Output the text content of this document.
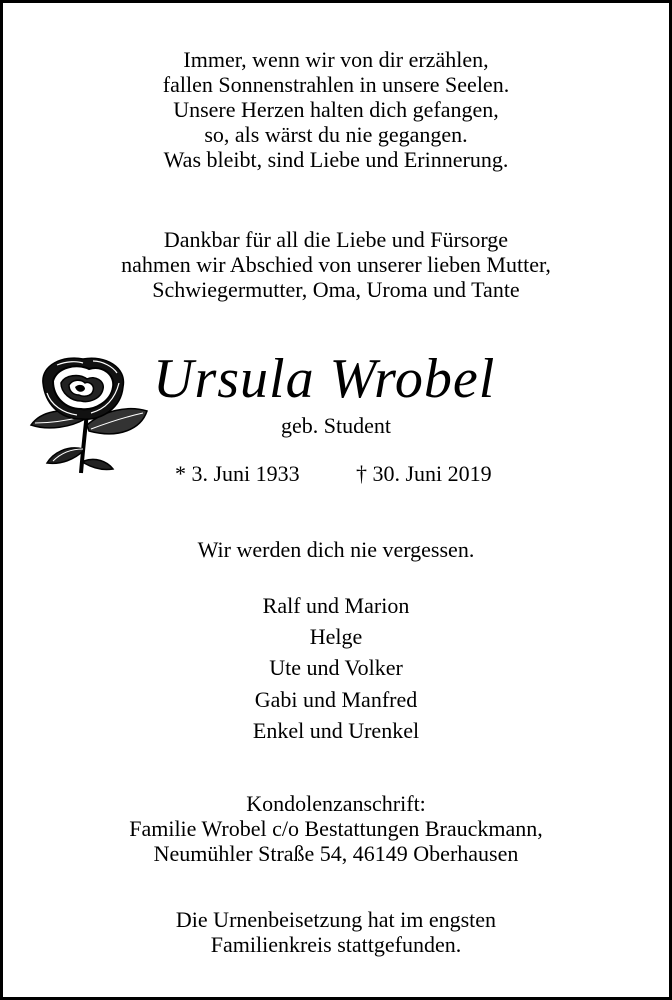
Immer, wenn wir von dir erzählen,
fallen Sonnenstrahlen in unsere Seelen.
Unsere Herzen halten dich gefangen,
so, als wärst du nie gegangen.
Was bleibt, sind Liebe und Erinnerung.
Dankbar für all die Liebe und Fürsorge
nahmen wir Abschied von unserer lieben Mutter,
Schwiegermutter, Oma, Uroma und Tante
Ursula Wrobel
geb. Student
* 3. Juni 1933	† 30. Juni 2019
Wir werden dich nie vergessen.
Ralf und Marion
Helge
Ute und Volker
Gabi und Manfred
Enkel und Urenkel
Kondolenzanschrift:
Familie Wrobel c/o Bestattungen Brauckmann,
Neumühler Straße 54, 46149 Oberhausen
Die Urnenbeisetzung hat im engsten
Familienkreis stattgefunden.
